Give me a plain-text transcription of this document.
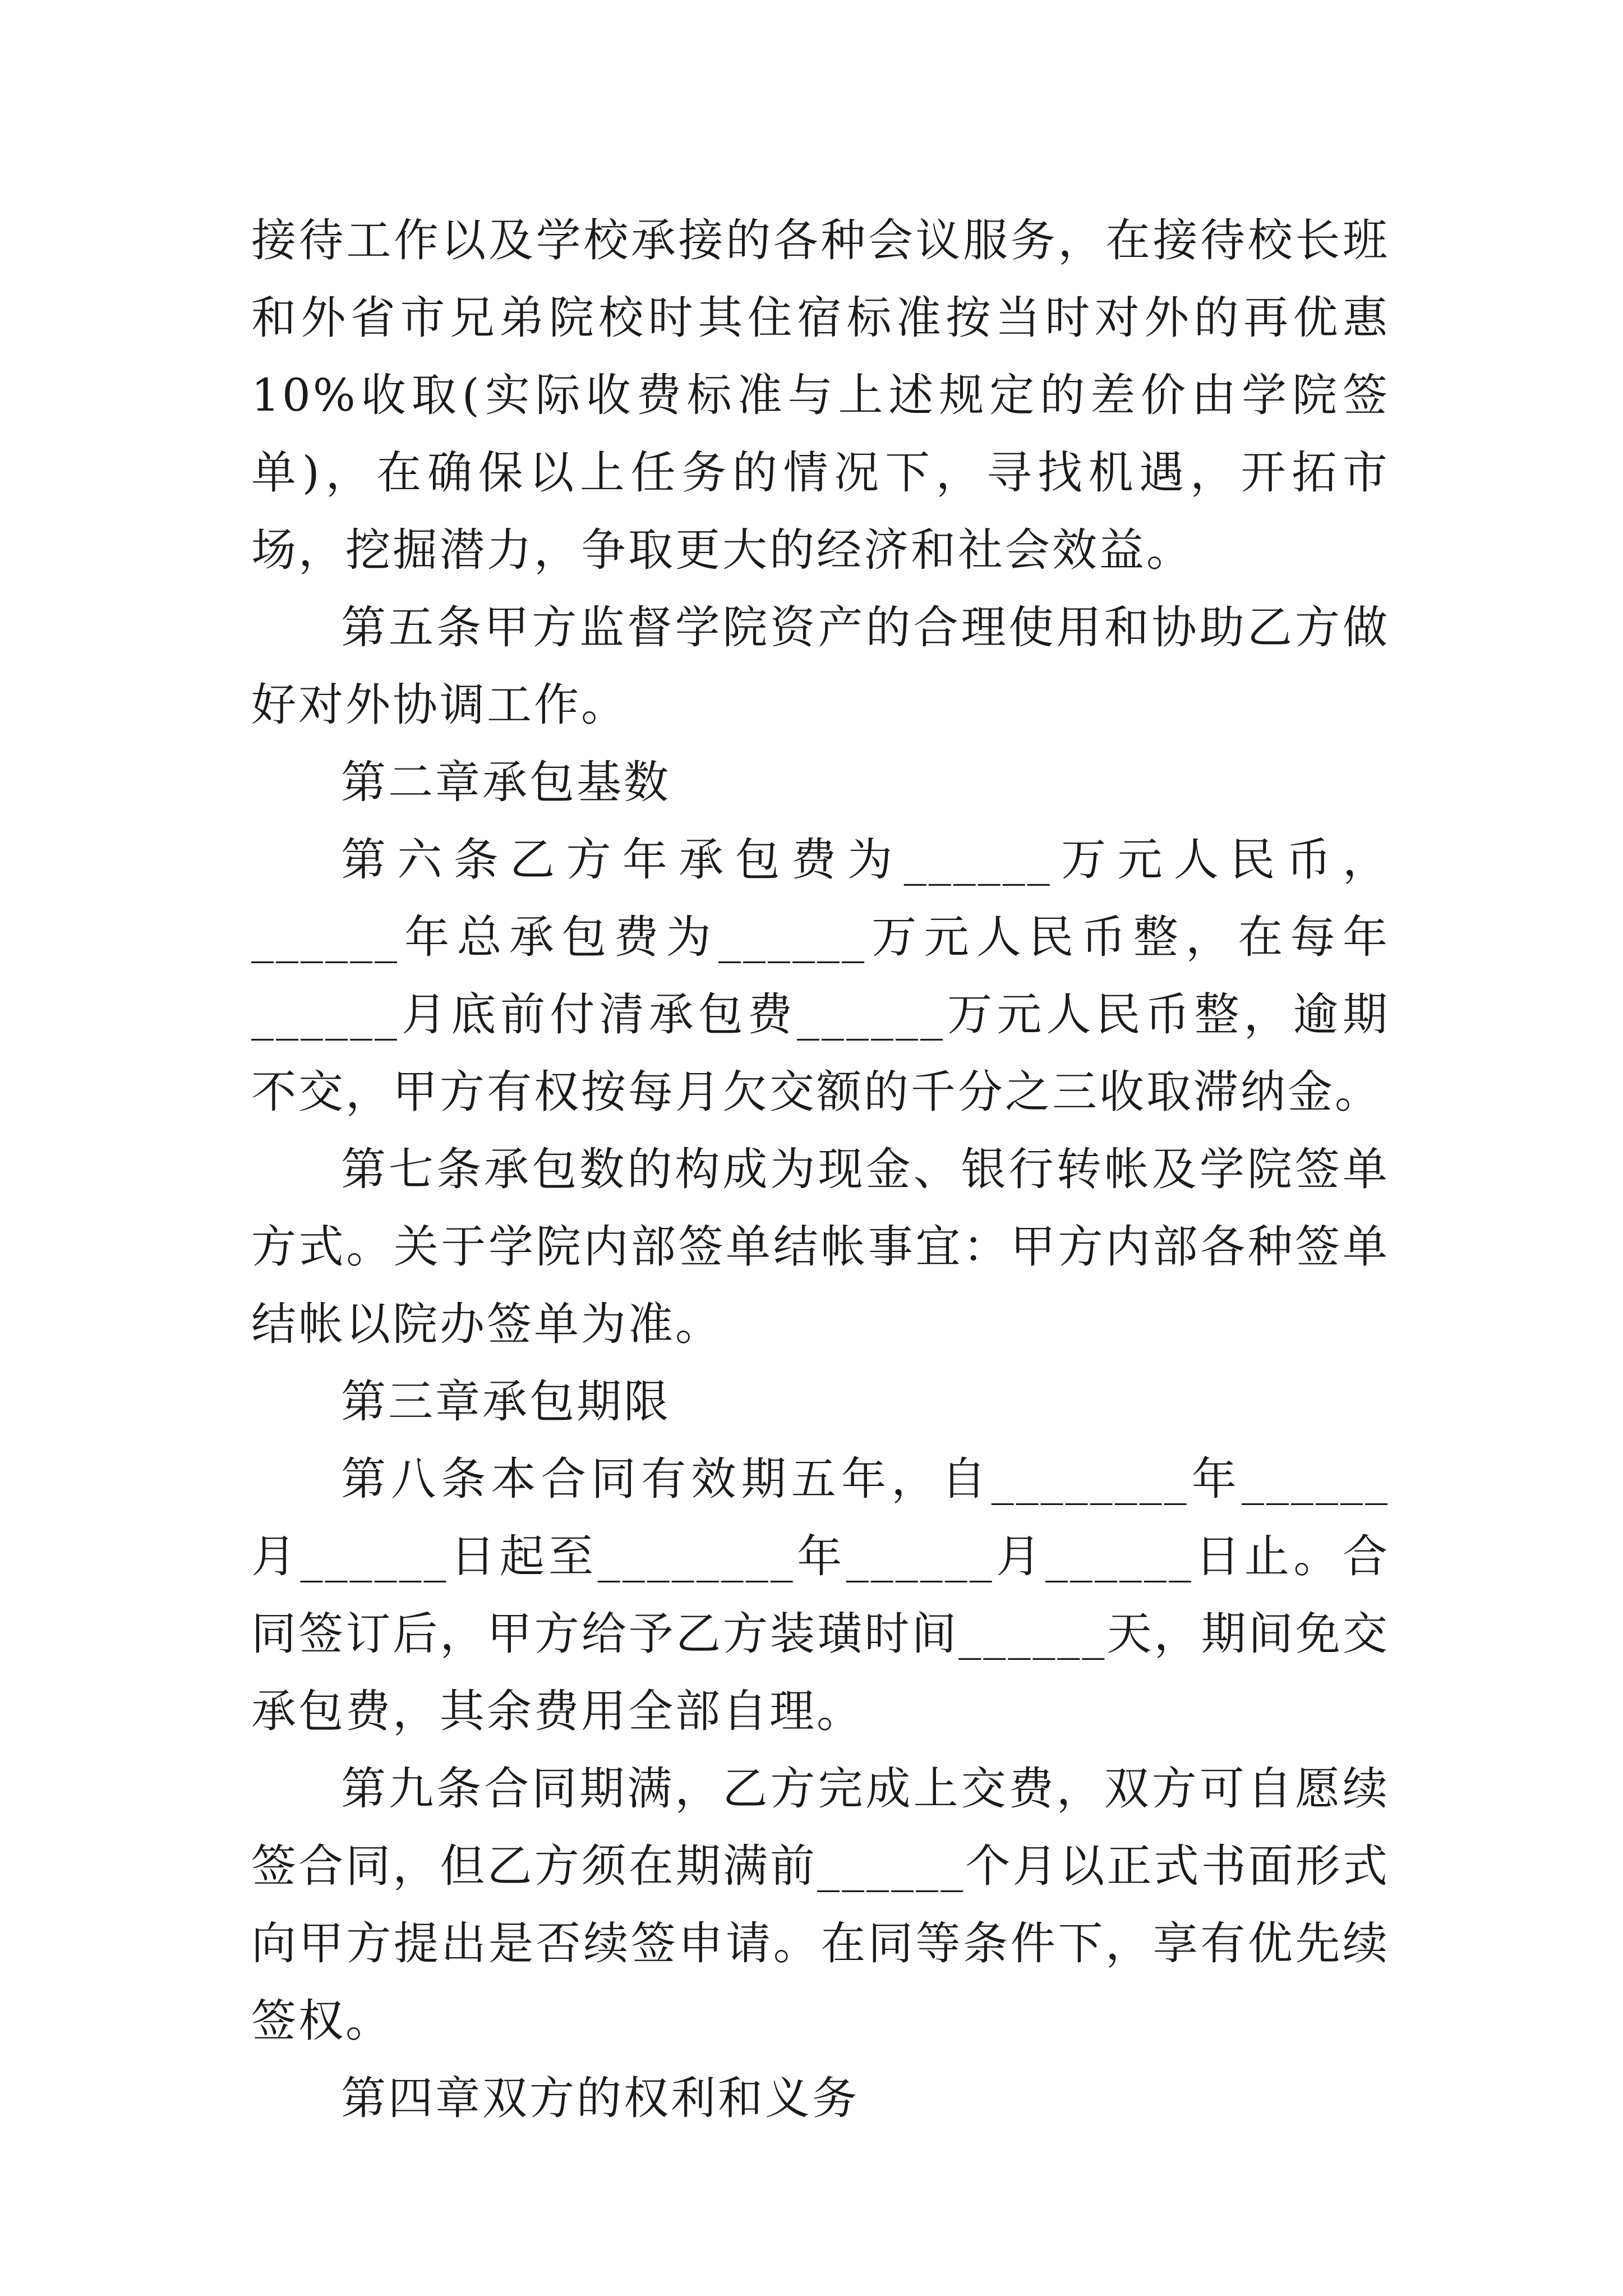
接待工作以及学校承接的各种会议服务，在接待校长班和外省市兄弟院校时其住宿标准按当时对外的再优惠 10%收取(实际收费标准与上述规定的差价由学院签单)，在确保以上任务的情况下，寻找机遇，开拓市场，挖掘潜力，争取更大的经济和社会效益。

第五条甲方监督学院资产的合理使用和协助乙方做好对外协调工作。

第二章承包基数

第六条乙方年承包费为______万元人民币，______年总承包费为______万元人民币整，在每年______月底前付清承包费______万元人民币整，逾期不交，甲方有权按每月欠交额的千分之三收取滞纳金。

第七条承包数的构成为现金、银行转帐及学院签单方式。关于学院内部签单结帐事宜：甲方内部各种签单结帐以院办签单为准。

第三章承包期限

第八条本合同有效期五年，自________年______月______日起至________年______月______日止。合同签订后，甲方给予乙方装璜时间______天，期间免交承包费，其余费用全部自理。

第九条合同期满，乙方完成上交费，双方可自愿续签合同，但乙方须在期满前______个月以正式书面形式向甲方提出是否续签申请。在同等条件下，享有优先续签权。

第四章双方的权利和义务
